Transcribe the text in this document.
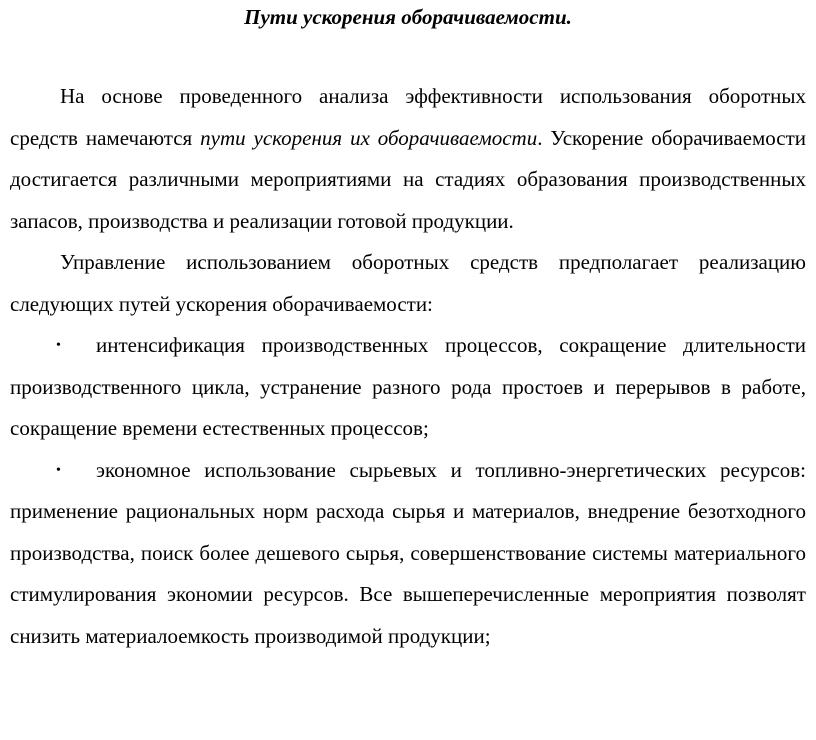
Пути ускорения оборачиваемости.

На основе проведенного анализа эффективности использования оборотных средств намечаются пути ускорения их оборачиваемости. Ускорение оборачиваемости достигается различными мероприятиями на стадиях образования производственных запасов, производства и реализации готовой продукции.

Управление использованием оборотных средств предполагает реализацию следующих путей ускорения оборачиваемости:

• интенсификация производственных процессов, сокращение длительности производственного цикла, устранение разного рода простоев и перерывов в работе, сокращение времени естественных процессов;

• экономное использование сырьевых и топливно-энергетических ресурсов: применение рациональных норм расхода сырья и материалов, внедрение безотходного производства, поиск более дешевого сырья, совершенствование системы материального стимулирования экономии ресурсов. Все вышеперечисленные мероприятия позволят снизить материалоемкость производимой продукции;
